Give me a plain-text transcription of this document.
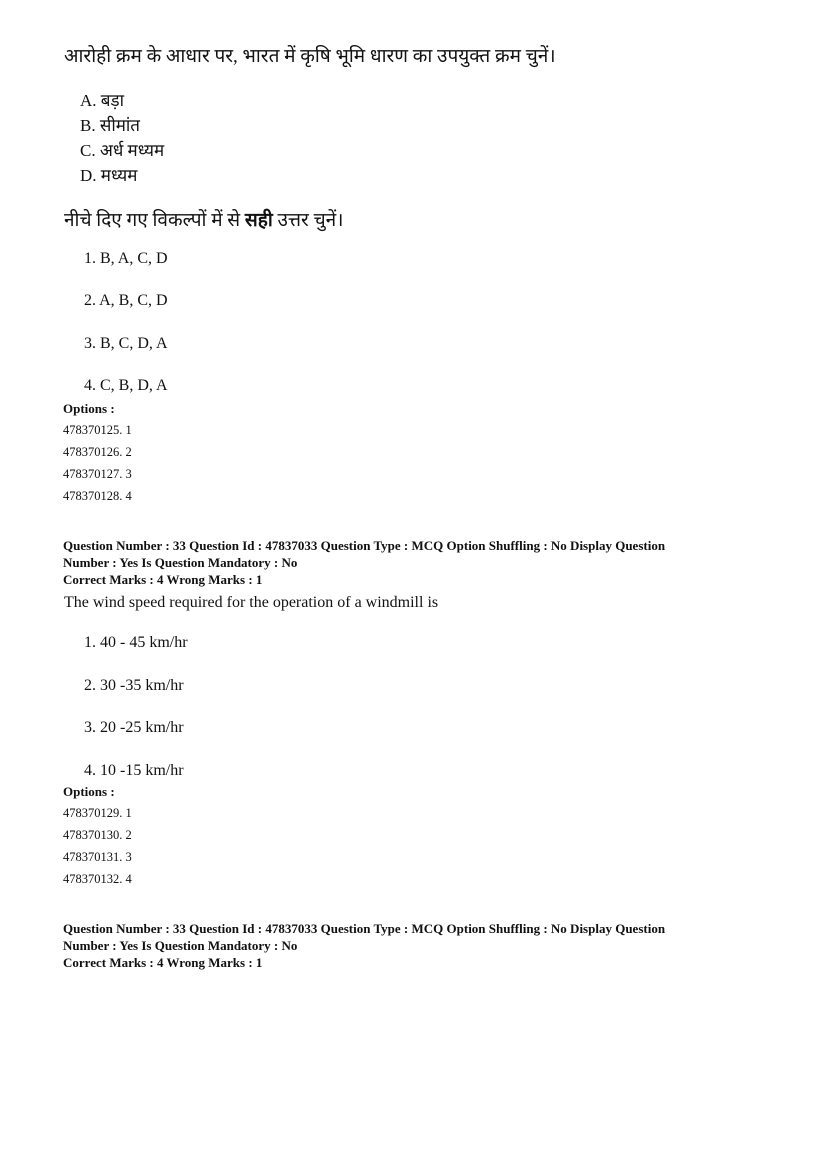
आरोही क्रम के आधार पर, भारत में कृषि भूमि धारण का उपयुक्त क्रम चुनें।
A. बड़ा
B. सीमांत
C. अर्ध मध्यम
D. मध्यम
नीचे दिए गए विकल्पों में से सही उत्तर चुनें।
1. B, A, C, D
2. A, B, C, D
3. B, C, D, A
4. C, B, D, A
Options :
478370125. 1
478370126. 2
478370127. 3
478370128. 4
Question Number : 33 Question Id : 47837033 Question Type : MCQ Option Shuffling : No Display Question
Number : Yes Is Question Mandatory : No
Correct Marks : 4 Wrong Marks : 1
The wind speed required for the operation of a windmill is
1. 40 - 45 km/hr
2. 30 -35 km/hr
3. 20 -25 km/hr
4. 10 -15 km/hr
Options :
478370129. 1
478370130. 2
478370131. 3
478370132. 4
Question Number : 33 Question Id : 47837033 Question Type : MCQ Option Shuffling : No Display Question
Number : Yes Is Question Mandatory : No
Correct Marks : 4 Wrong Marks : 1
